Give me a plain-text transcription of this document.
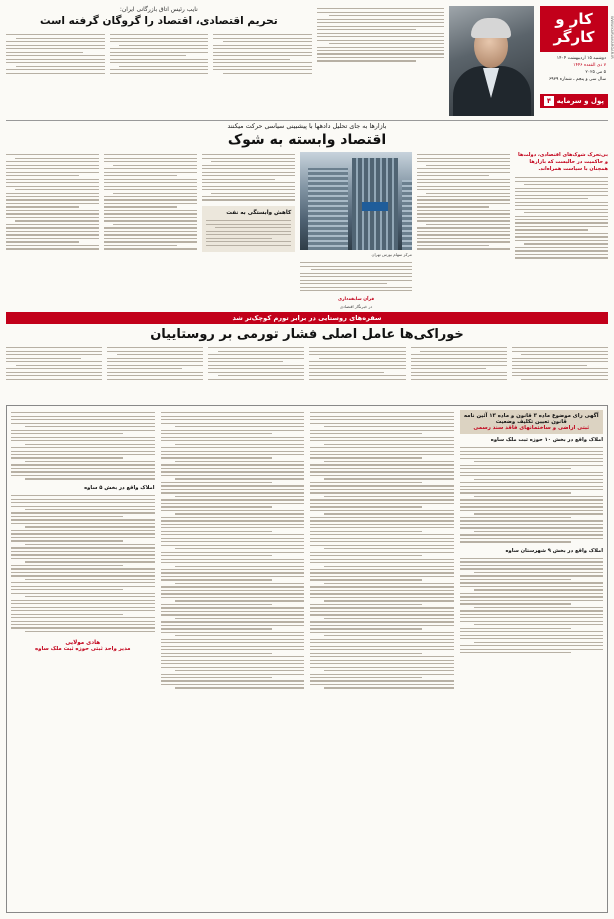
کار و کارگر
دوشنبه ۱۵ اردیبهشت ۱۴۰۴
۷ ذی القعده ۱۴۴۶
۵ می ۲۰۲۵
سال سی و پنجم ـ شماره ۶۹۳۹
پول و سرمایه
۴
WWW.KARVAKARGAR.IR
نایب رئیس اتاق بازرگانی ایران:
تحریم اقتصادی، اقتصاد را گروگان گرفته است
بازارها به جای تحلیل دادهها با پیشبینی سیاسی حرکت میکنند
اقتصاد وابسته به شوک
بی‌تحرک شوک‌های اقتصادی، دولت‌ها و حاکمیت در حالیست که بازارها همچنان با سیاست همراه‌اند.
مرکز سهام بورس تهران
قرآن سابقه‌داری
در خبرنگار اقتصادی
کاهش وابستگی به نفت
سفره‌های روستایی در برابر تورم کوچک‌تر شد
خوراکی‌ها عامل اصلی فشار تورمی بر روستاییان
آگهی رای موضوع ماده ۳ قانون و ماده ۱۳ آئین نامه قانون تعیین تکلیف وضعیت
ثبتی اراضی و ساختمانهای فاقد سند رسمی
املاک واقع در بخش ۱۰ حوزه ثبت ملک ساوه
املاک واقع در بخش ۹ شهرستان ساوه
املاک واقع در بخش ۵ ساوه
هادی مولایی
مدیر واحد ثبتی حوزه ثبت ملک ساوه
